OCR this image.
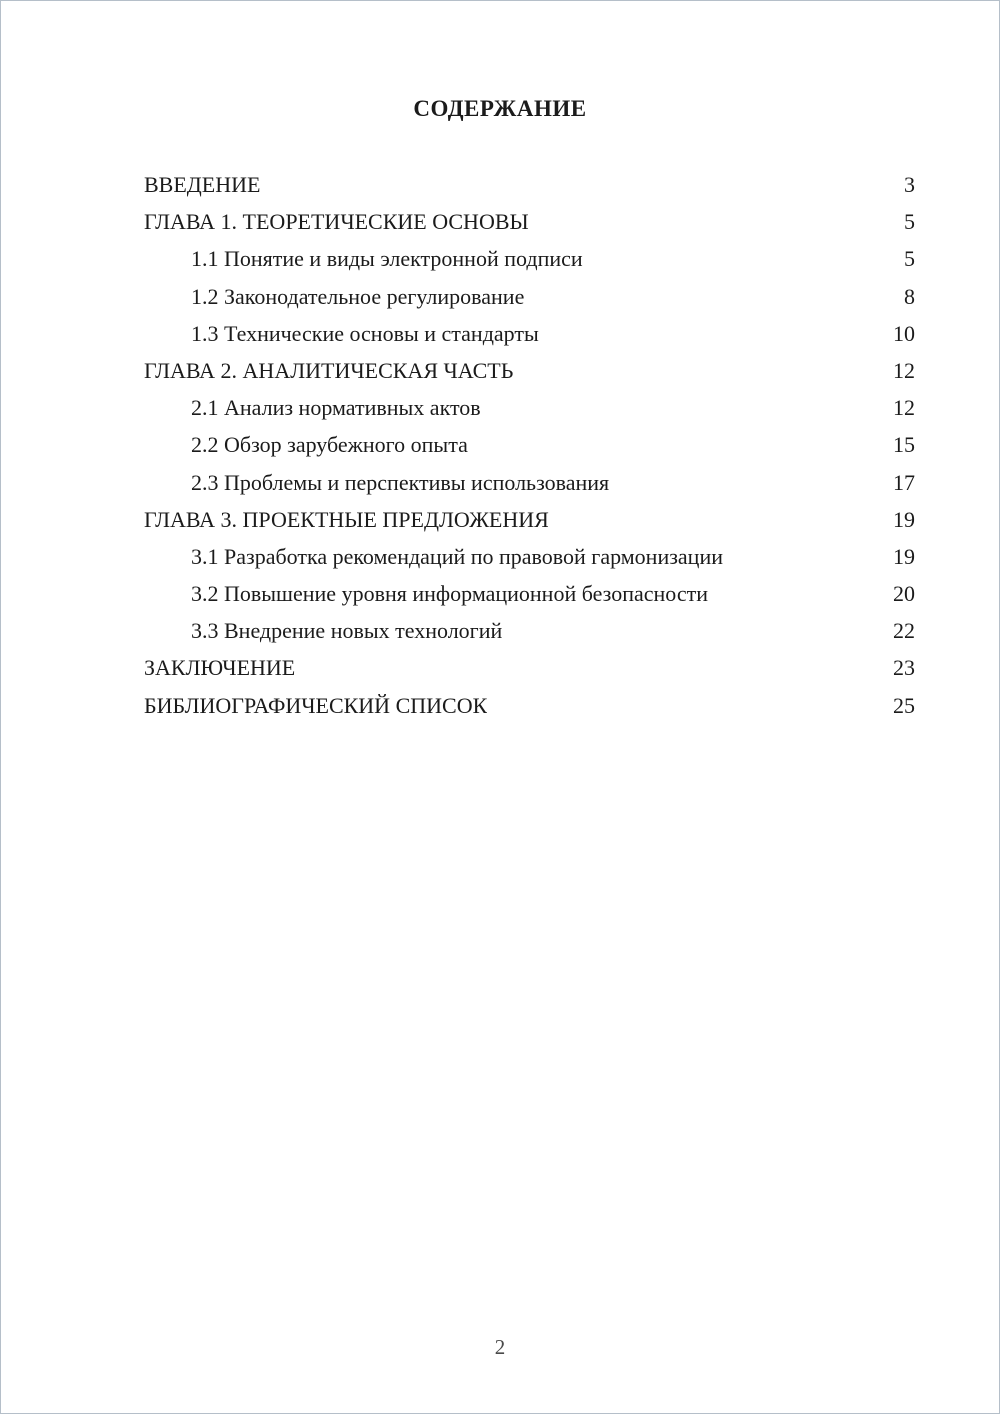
СОДЕРЖАНИЕ
ВВЕДЕНИЕ	3
ГЛАВА 1. ТЕОРЕТИЧЕСКИЕ ОСНОВЫ	5
1.1 Понятие и виды электронной подписи	5
1.2 Законодательное регулирование	8
1.3 Технические основы и стандарты	10
ГЛАВА 2. АНАЛИТИЧЕСКАЯ ЧАСТЬ	12
2.1 Анализ нормативных актов	12
2.2 Обзор зарубежного опыта	15
2.3 Проблемы и перспективы использования	17
ГЛАВА 3. ПРОЕКТНЫЕ ПРЕДЛОЖЕНИЯ	19
3.1 Разработка рекомендаций по правовой гармонизации	19
3.2 Повышение уровня информационной безопасности	20
3.3 Внедрение новых технологий	22
ЗАКЛЮЧЕНИЕ	23
БИБЛИОГРАФИЧЕСКИЙ СПИСОК	25
2
